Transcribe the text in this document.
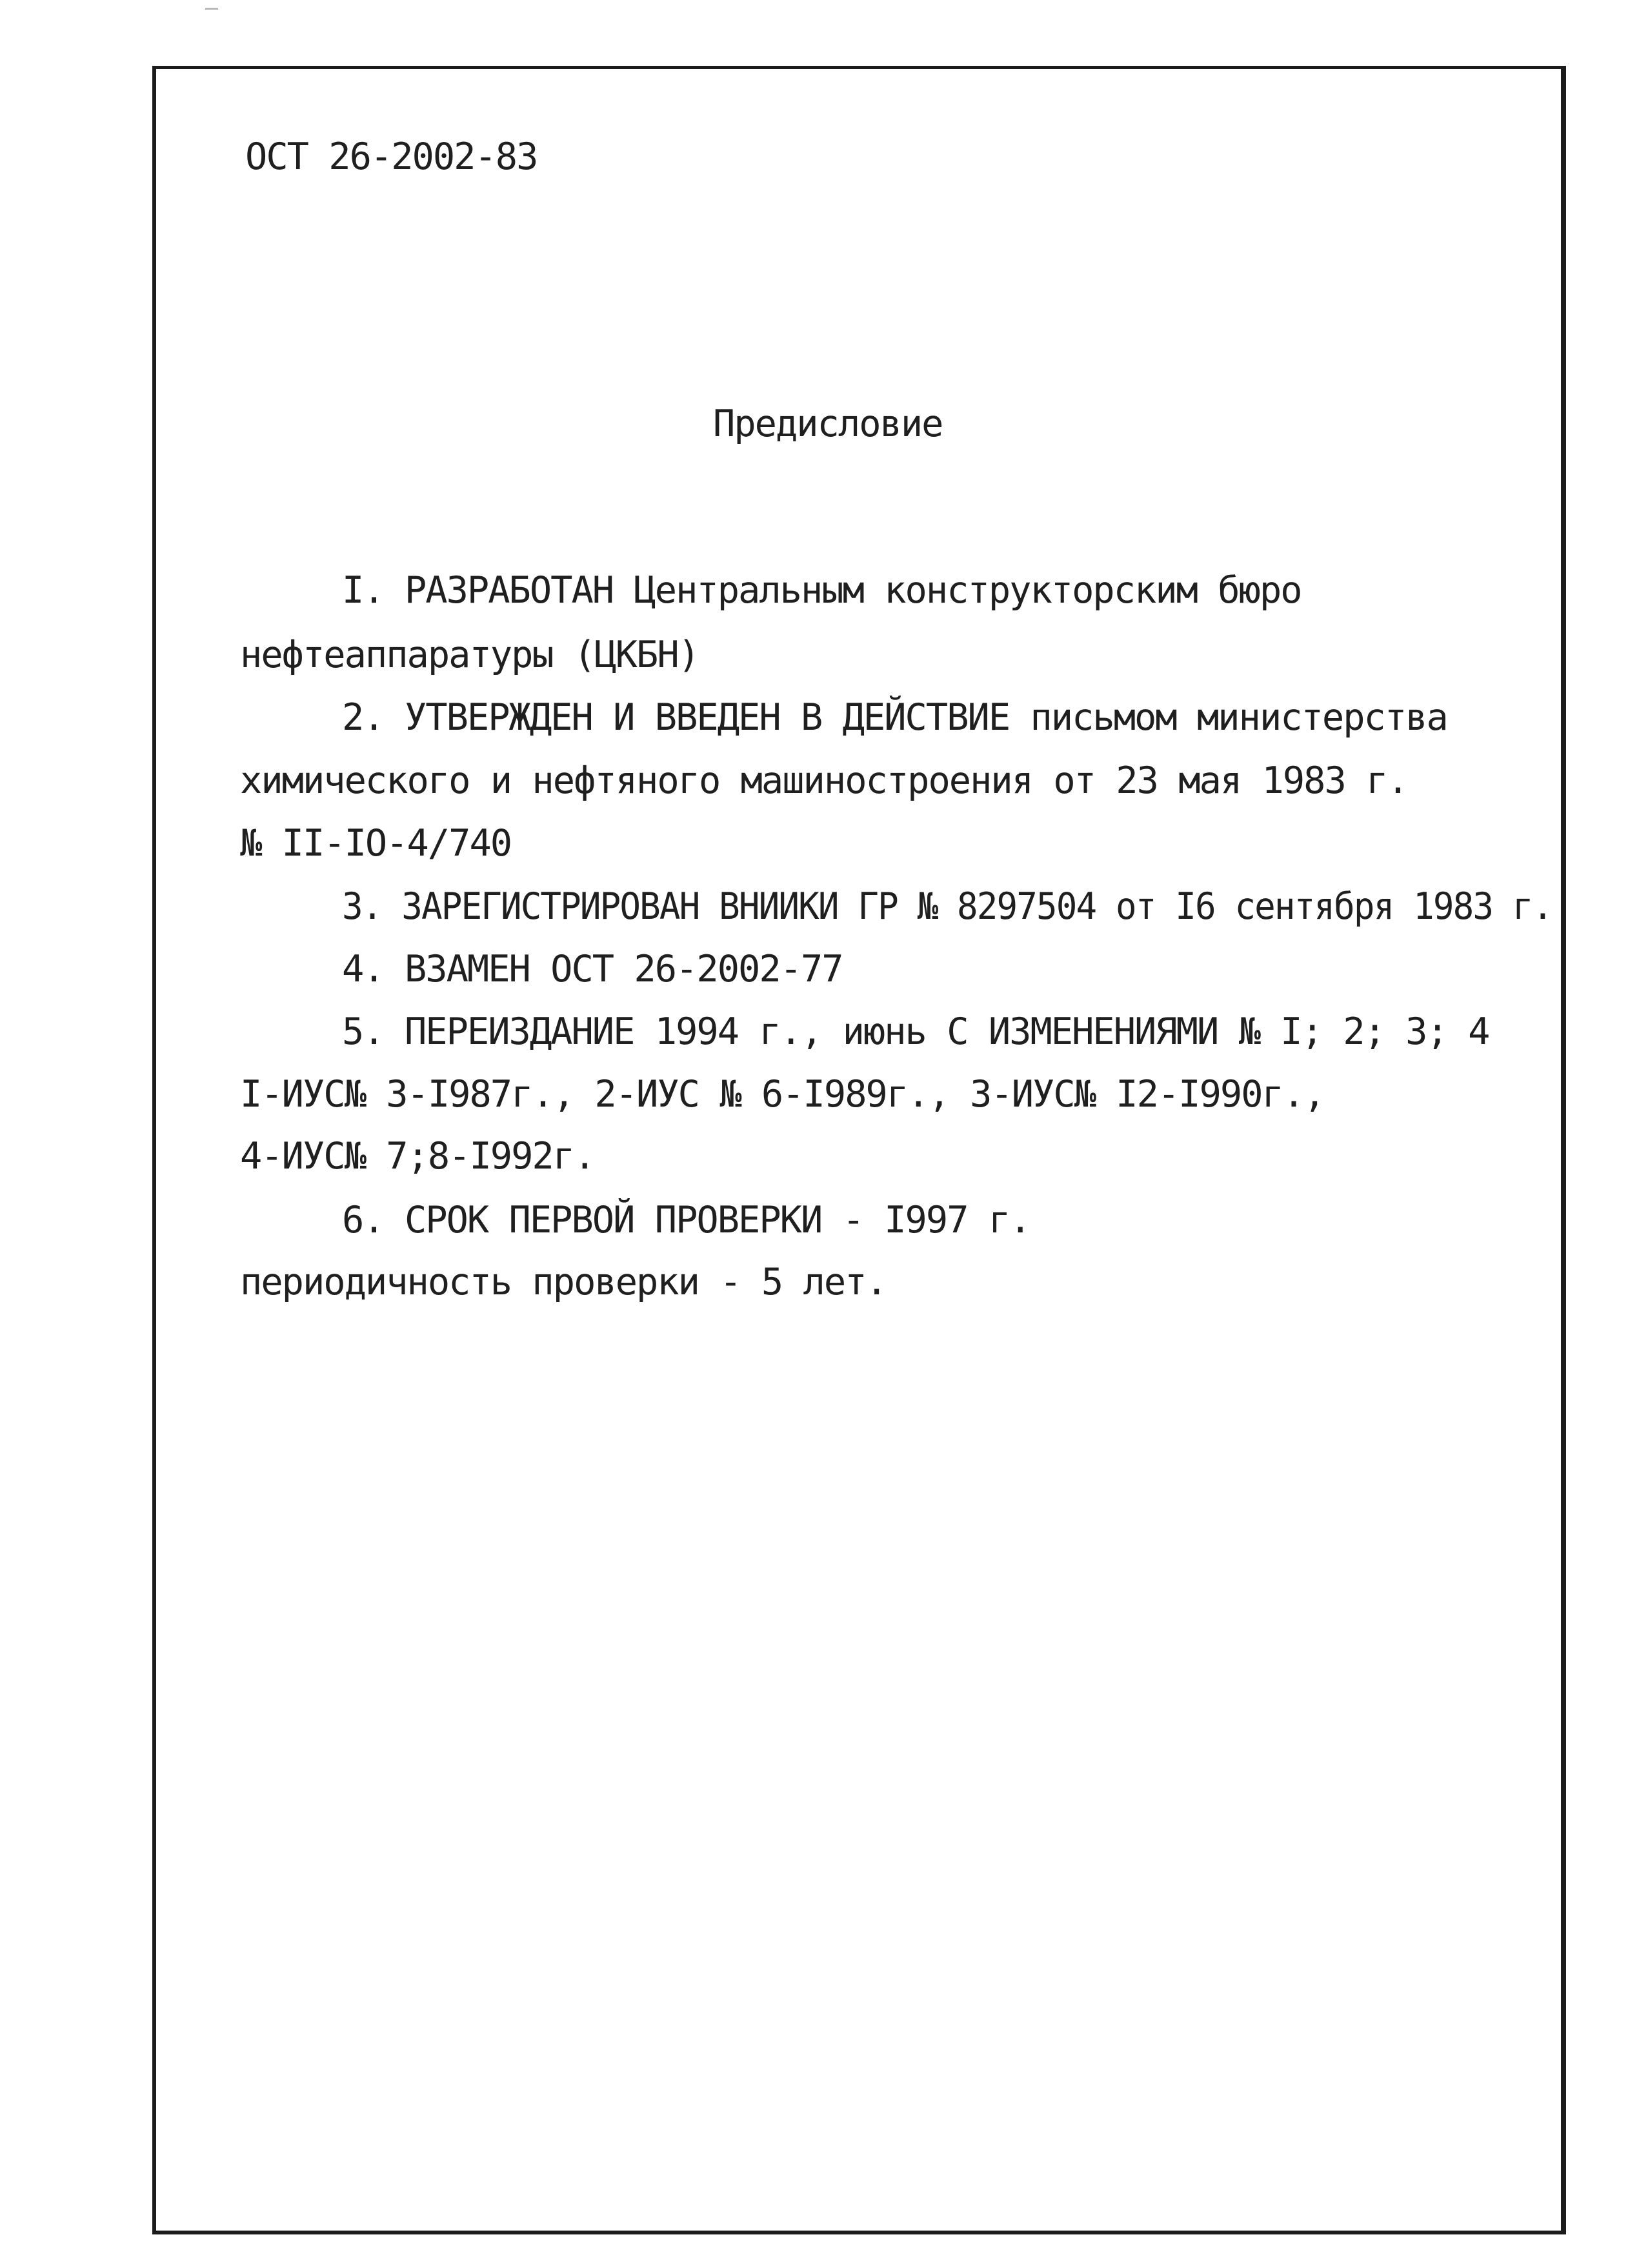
ОСТ 26-2002-83
Предисловие
I. РАЗРАБОТАН Центральным конструкторским бюро
нефтеаппаратуры (ЦКБН)
2. УТВЕРЖДЕН И ВВЕДЕН В ДЕЙСТВИЕ письмом министерства
химического и нефтяного машиностроения от 23 мая 1983 г.
№ II-IO-4/740
3. ЗАРЕГИСТРИРОВАН ВНИИКИ ГР № 8297504 от I6 сентября 1983 г.
4. ВЗАМЕН ОСТ 26-2002-77
5. ПЕРЕИЗДАНИЕ 1994 г., июнь С ИЗМЕНЕНИЯМИ № I; 2; 3; 4
I-ИУС№ 3-I987г., 2-ИУС № 6-I989г., 3-ИУС№ I2-I990г.,
4-ИУС№ 7;8-I992г.
6. СРОК ПЕРВОЙ ПРОВЕРКИ - I997 г.
периодичность проверки - 5 лет.
